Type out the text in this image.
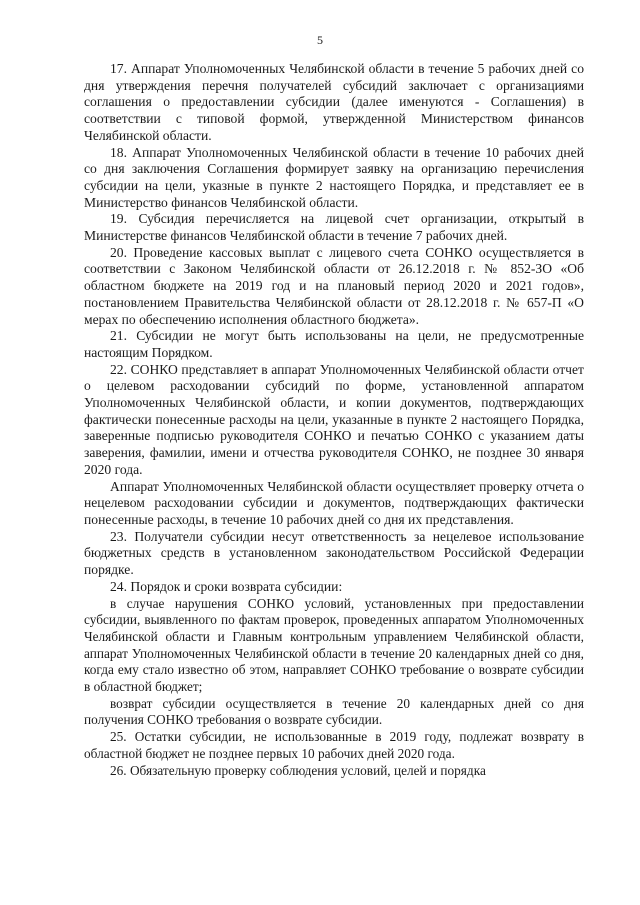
5

17. Аппарат Уполномоченных Челябинской области в течение 5 рабочих дней со дня утверждения перечня получателей субсидий заключает с организациями соглашения о предоставлении субсидии (далее именуются - Соглашения) в соответствии с типовой формой, утвержденной Министерством финансов Челябинской области.

18. Аппарат Уполномоченных Челябинской области в течение 10 рабочих дней со дня заключения Соглашения формирует заявку на организацию перечисления субсидии на цели, указные в пункте 2 настоящего Порядка, и представляет ее в Министерство финансов Челябинской области.

19. Субсидия перечисляется на лицевой счет организации, открытый в Министерстве финансов Челябинской области в течение 7 рабочих дней.

20. Проведение кассовых выплат с лицевого счета СОНКО осуществляется в соответствии с Законом Челябинской области от 26.12.2018 г. № 852-ЗО «Об областном бюджете на 2019 год и на плановый период 2020 и 2021 годов», постановлением Правительства Челябинской области от 28.12.2018 г. № 657-П «О мерах по обеспечению исполнения областного бюджета».

21. Субсидии не могут быть использованы на цели, не предусмотренные настоящим Порядком.

22. СОНКО представляет в аппарат Уполномоченных Челябинской области отчет о целевом расходовании субсидий по форме, установленной аппаратом Уполномоченных Челябинской области, и копии документов, подтверждающих фактически понесенные расходы на цели, указанные в пункте 2 настоящего Порядка, заверенные подписью руководителя СОНКО и печатью СОНКО с указанием даты заверения, фамилии, имени и отчества руководителя СОНКО, не позднее 30 января 2020 года.

Аппарат Уполномоченных Челябинской области осуществляет проверку отчета о нецелевом расходовании субсидии и документов, подтверждающих фактически понесенные расходы, в течение 10 рабочих дней со дня их представления.

23. Получатели субсидии несут ответственность за нецелевое использование бюджетных средств в установленном законодательством Российской Федерации порядке.

24. Порядок и сроки возврата субсидии:

в случае нарушения СОНКО условий, установленных при предоставлении субсидии, выявленного по фактам проверок, проведенных аппаратом Уполномоченных Челябинской области и Главным контрольным управлением Челябинской области, аппарат Уполномоченных Челябинской области в течение 20 календарных дней со дня, когда ему стало известно об этом, направляет СОНКО требование о возврате субсидии в областной бюджет;

возврат субсидии осуществляется в течение 20 календарных дней со дня получения СОНКО требования о возврате субсидии.

25. Остатки субсидии, не использованные в 2019 году, подлежат возврату в областной бюджет не позднее первых 10 рабочих дней 2020 года.

26. Обязательную проверку соблюдения условий, целей и порядка
